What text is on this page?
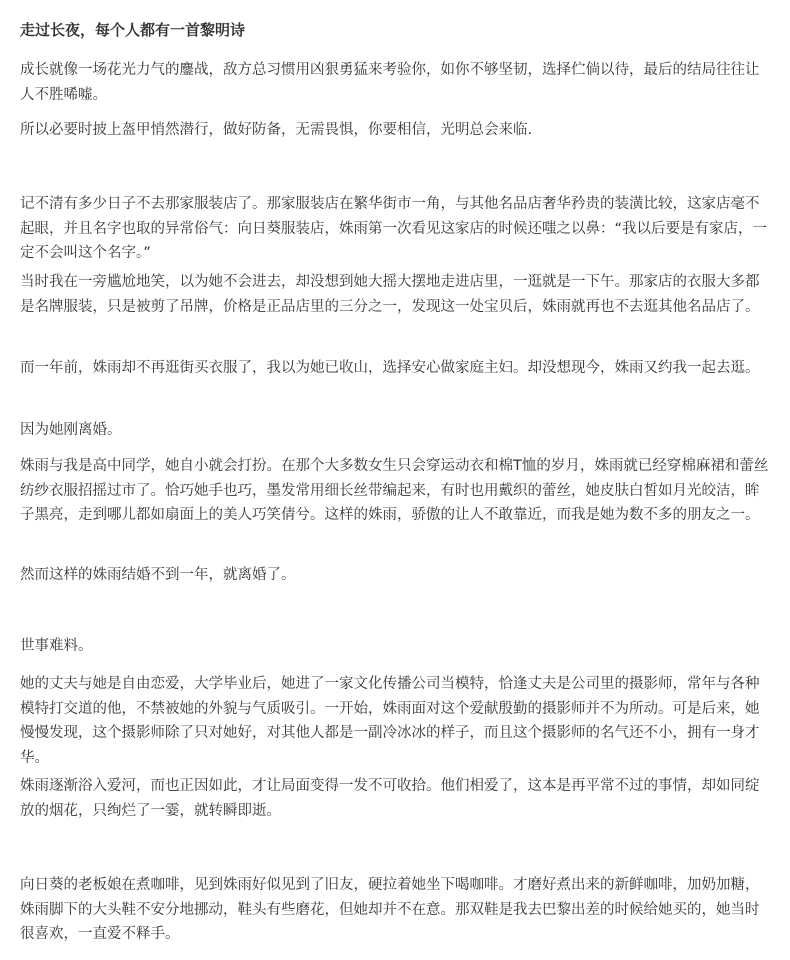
走过长夜，每个人都有一首黎明诗

成长就像一场花光力气的鏖战，敌方总习惯用凶狠勇猛来考验你，如你不够坚韧，选择伫倘以待，最后的结局往往让人不胜唏嘘。

所以必要时披上盔甲悄然潜行，做好防备，无需畏惧，你要相信，光明总会来临.

记不清有多少日子不去那家服装店了。那家服装店在繁华街市一角，与其他名品店奢华矜贵的装潢比较，这家店毫不起眼，并且名字也取的异常俗气：向日葵服装店，姝雨第一次看见这家店的时候还嗤之以鼻：“我以后要是有家店，一定不会叫这个名字。”

当时我在一旁尴尬地笑，以为她不会进去，却没想到她大摇大摆地走进店里，一逛就是一下午。那家店的衣服大多都是名牌服装，只是被剪了吊牌，价格是正品店里的三分之一，发现这一处宝贝后，姝雨就再也不去逛其他名品店了。

而一年前，姝雨却不再逛街买衣服了，我以为她已收山，选择安心做家庭主妇。却没想现今，姝雨又约我一起去逛。

因为她刚离婚。

姝雨与我是高中同学，她自小就会打扮。在那个大多数女生只会穿运动衣和棉T恤的岁月，姝雨就已经穿棉麻裙和蕾丝纺纱衣服招摇过市了。恰巧她手也巧，墨发常用细长丝带编起来，有时也用戴织的蕾丝，她皮肤白皙如月光皎洁，眸子黑亮，走到哪儿都如扇面上的美人巧笑倩兮。这样的姝雨，骄傲的让人不敢靠近，而我是她为数不多的朋友之一。

然而这样的姝雨结婚不到一年，就离婚了。

世事难料。

她的丈夫与她是自由恋爱，大学毕业后，她进了一家文化传播公司当模特，恰逢丈夫是公司里的摄影师，常年与各种模特打交道的他，不禁被她的外貌与气质吸引。一开始，姝雨面对这个爱献殷勤的摄影师并不为所动。可是后来，她慢慢发现，这个摄影师除了只对她好，对其他人都是一副冷冰冰的样子，而且这个摄影师的名气还不小，拥有一身才华。

姝雨逐渐浴入爱河，而也正因如此，才让局面变得一发不可收拾。他们相爱了，这本是再平常不过的事情，却如同绽放的烟花，只绚烂了一霎，就转瞬即逝。

向日葵的老板娘在煮咖啡，见到姝雨好似见到了旧友，硬拉着她坐下喝咖啡。才磨好煮出来的新鲜咖啡，加奶加糖，姝雨脚下的大头鞋不安分地挪动，鞋头有些磨花，但她却并不在意。那双鞋是我去巴黎出差的时候给她买的，她当时很喜欢，一直爱不释手。
